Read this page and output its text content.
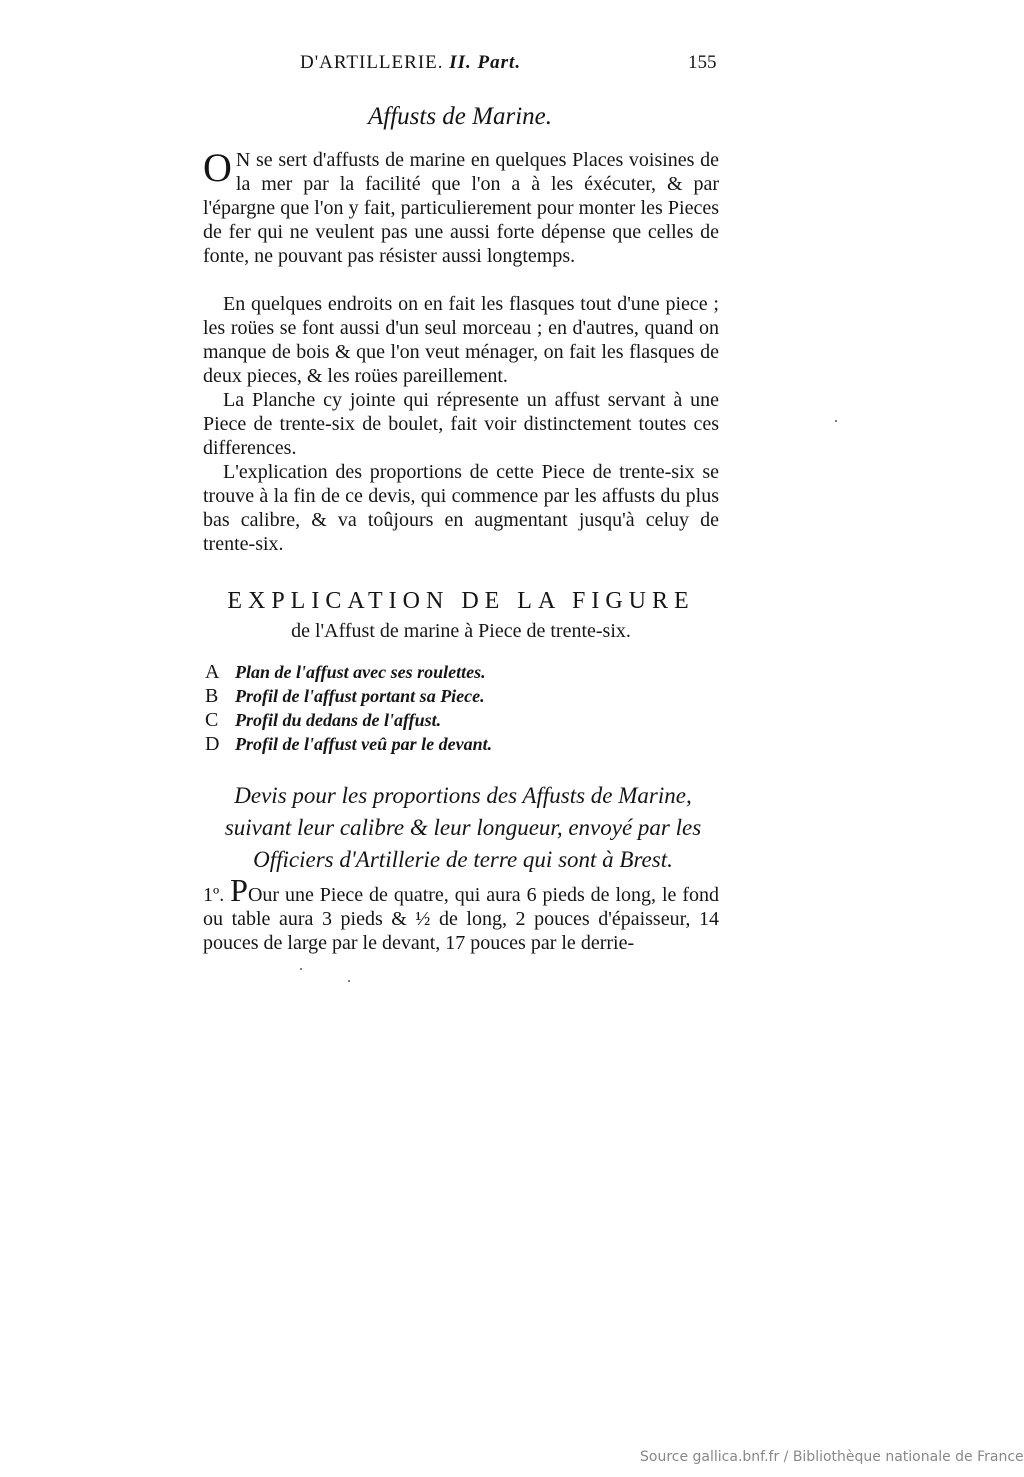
D'ARTILLERIE. II. Part.	155
Affusts de Marine.

O N se sert d'affusts de marine en quelques Places voisines de la mer par la facilité que l'on a à les éxécuter, & par l'épargne que l'on y fait, particulierement pour monter les Pieces de fer qui ne veulent pas une aussi forte dépense que celles de fonte, ne pouvant pas résister aussi longtemps.

En quelques endroits on en fait les flasques tout d'une piece ; les roües se font aussi d'un seul morceau ; en d'autres, quand on manque de bois & que l'on veut ménager, on fait les flasques de deux pieces, & les roües pareillement.

La Planche cy jointe qui répresente un affust servant à une Piece de trente-six de boulet, fait voir distinctement toutes ces differences.

L'explication des proportions de cette Piece de trente-six se trouve à la fin de ce devis, qui commence par les affusts du plus bas calibre, & va toûjours en augmentant jusqu'à celuy de trente-six.

EXPLICATION DE LA FIGURE
de l'Affust de marine à Piece de trente-six.
A Plan de l'affust avec ses roulettes.
B Profil de l'affust portant sa Piece.
C Profil du dedans de l'affust.
D Profil de l'affust veû par le devant.
Devis pour les proportions des Affusts de Marine, suivant leur calibre & leur longueur, envoyé par les Officiers d'Artillerie de terre qui sont à Brest.

1º. POur une Piece de quatre, qui aura 6 pieds de long, le fond ou table aura 3 pieds & ½ de long, 2 pouces d'épaisseur, 14 pouces de large par le devant, 17 pouces par le derrie-

Source gallica.bnf.fr / Bibliothèque nationale de France
